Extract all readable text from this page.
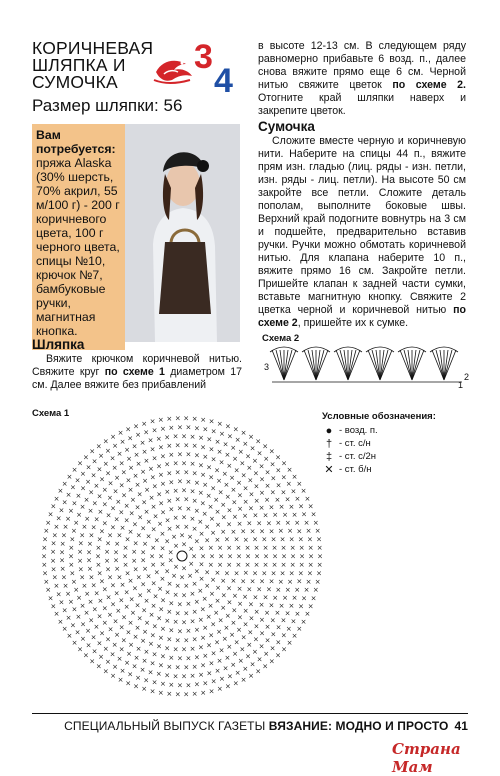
КОРИЧНЕВАЯ ШЛЯПКА И СУМОЧКА
Размер шляпки: 56
3
4
Вам потребуется:
пряжа Alaska (30% шерсть, 70% акрил, 55 м/100 г) - 200 г коричневого цвета, 100 г черного цвета, спицы №10, крючок №7, бамбуковые ручки, магнитная кнопка.
в высоте 12-13 см. В следующем ряду равномерно прибавьте 6 возд. п., далее снова вяжите прямо еще 6 см. Черной нитью свяжите цветок по схеме 2. Отогните край шляпки наверх и закрепите цветок.
Сумочка
Сложите вместе черную и коричневую нити. Наберите на спицы 44 п., вяжите прям изн. гладью (лиц. ряды - изн. петли, изн. ряды - лиц. петли). На высоте 50 см закройте все петли. Сложите деталь пополам, выполните боковые швы. Верхний край подогните вовнутрь на 3 см и подшейте, предварительно вставив ручки. Ручки можно обмотать коричневой нитью. Для клапана наберите 10 п., вяжите прямо 16 см. Закройте петли. Пришейте клапан к задней части сумки, вставьте магнитную кнопку. Свяжите 2 цветка черной и коричневой нитью по схеме 2, пришейте их к сумке.
Шляпка
Вяжите крючком коричневой нитью. Свяжите круг по схеме 1 диаметром 17 см. Далее вяжите без прибавлений
Схема 2
3
2
1
Схема 1
×
×
×
×
×
×
× ×
×
×
×
×
×
×
×
×
×
×
×
×
× × ×
×
×
×
×
×
×
×
×
×
×
×
×
×
×
×
×
×
× × × ×
×
×
×
×
×
×
×
×
×
×
×
×
×
×
×
×
×
×
×
×
×
×
× × × × × ×
×
×
×
×
×
×
×
×
×
×
×
×
×
×
×
×
×
×
×
×
×
×
×
×
×
×
×
× × × × × × ×
×
×
×
×
×
×
×
×
×
×
×
×
×
×
×
×
×
×
×
×
×
×
×
×
×
×
×
×
×
×
×
×
×
× × × × × × × ×
×
×
×
×
×
×
×
×
×
×
×
×
×
×
×
×
×
×
×
×
×
×
×
×
×
×
×
×
×
×
×
×
×
×
×
×
×
×
×
× × × × × × × × ×
×
×
×
×
×
×
×
×
×
×
×
×
×
×
×
×
×
×
×
×
×
×
×
×
×
×
×
×
×
×
×
×
×
×
×
×
×
×
×
×
×
×
×
×
× × × × × × × × × ×
×
×
×
×
×
×
×
×
×
×
×
×
×
×
×
×
×
×
×
×
×
×
×
×
×
×
×
×
×
×
×
×
×
×
×
×
×
×
×
×
×
×
×
×
×
×
×
×
×
×
× × × × × × × × × ×
×
×
×
×
×
×
×
×
×
×
×
×
×
×
×
×
×
×
×
×
×
×
×
×
×
×
×
×
×
×
×
×
×
×
×
×
×
×
×
×
×
×
×
×
×
×
×
×
×
×
×
×
×
×
×
×
× × × × × × × × × × × ×
×
×
×
×
×
×
×
×
×
×
×
×
×
×
×
×
×
×
×
×
×
×
×
×
×
×
×
×
×
×
×
×
×
×
×
×
×
×
×
×
×
×
×
×
×
×
×
×
×
×
×
×
×
×
×
×
×
×
×
×
×
× × × × × × × × × × × × ×
×
×
×
×
×
×
×
×
×
×
×
×
×
×
×
×
×
×
×
×
×
×
×
×
×
×
×
×
×
×
×
×
×
×
×
×
×
×
×
×
×
×
×
×
×
×
×
×
×
×
×
×
×
×
×
×
×
×
×
×
×
×
×
×
×
×
×
× × × × × × × × × × × × × ×
×
×
×
×
×
×
×
×
×
×
×
×
×
×
×
×
×
×
×
×
×
×
×
×
×
×
×
×
×
×
×
×
×
×
×
×
×
×
×
×
×
×
×
×
×
×
×
×
×
×
×
×
×
×
×
×
×
×
×
×
×
×
×
×
×
×
×
×
×
×
×
×
×
× × × × × × × × × × × × × × ×
×
×
×
×
×
×
×
×
×
×
×
×
×
×
×
×
×
×
×
×
×
×
×
×
×
×
×
×
×
×
×
×
×
×
×
×
×
×
×
×
×
×
×
×
×
×
×
×
×
×
×
×
×
×
×
×
×
×
×
×
×
×
×
×
×
×
×
×
×
×
×
×
×
×
×
×
×
×
× × × × × × × × × × × × × × × ×
×
×
×
×
×
×
×
×
×
×
×
×
×
×
×
×
×
×
×
×
×
×
×
×
×
×
×
×
×
×
×
×
×
×
×
×
×
×
×
×
×
×
×
×
×
×
×
×
×
×
×
×
×
×
×
×
×
×
×
×
×
×
×
×
×
×
×
×
×
×
×
×
×
×
×
×
×
×
×
×
×
×
×
× × × × × × × × × × × × × × × × × ×
×
×
×
×
×
×
×
×
×
×
×
×
×
×
×
×
Условные обозначения:
● - возд. п.
† - ст. с/н
‡ - ст. с/2н
✕ - ст. б/н
СПЕЦИАЛЬНЫЙ ВЫПУСК ГАЗЕТЫ ВЯЗАНИЕ: МОДНО И ПРОСТО 41
Страна Мам
